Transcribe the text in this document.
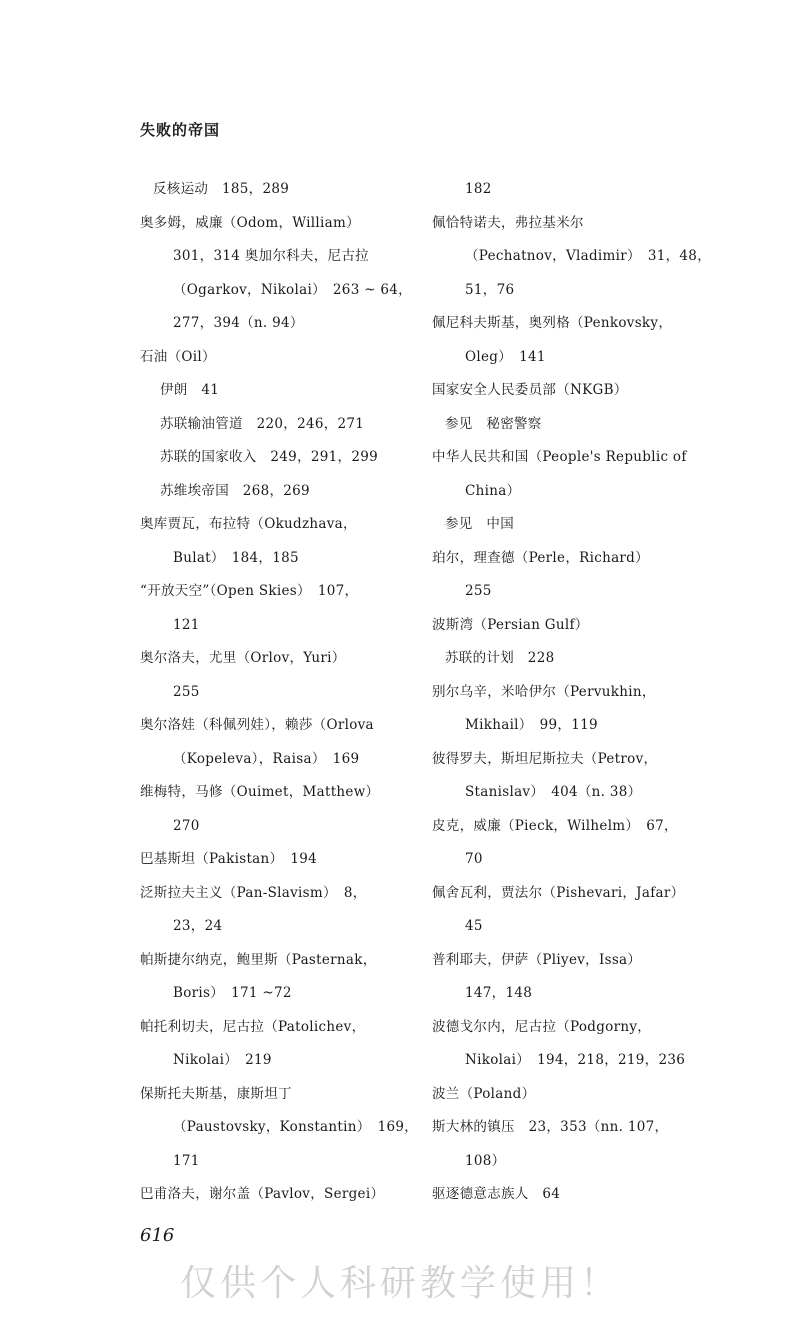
失败的帝国
反核运动　185，289
奥多姆，威廉（Odom，William）
301，314 奥加尔科夫，尼古拉
（Ogarkov，Nikolai）　263 ~ 64，
277，394（n. 94）
石油（Oil）
伊朗　41
苏联输油管道　220，246，271
苏联的国家收入　249，291，299
苏维埃帝国　268，269
奥库贾瓦，布拉特（Okudzhava，
Bulat）　184，185
“开放天空”（Open Skies）　107，
121
奥尔洛夫，尤里（Orlov，Yuri）
255
奥尔洛娃（科佩列娃），赖莎（Orlova
（Kopeleva），Raisa）　169
维梅特，马修（Ouimet，Matthew）
270
巴基斯坦（Pakistan）　194
泛斯拉夫主义（Pan-Slavism）　8，
23，24
帕斯捷尔纳克，鲍里斯（Pasternak，
Boris）　171 ~72
帕托利切夫，尼古拉（Patolichev，
Nikolai）　219
保斯托夫斯基，康斯坦丁
（Paustovsky，Konstantin）　169，
171
巴甫洛夫，谢尔盖（Pavlov，Sergei）
182
佩恰特诺夫，弗拉基米尔
（Pechatnov，Vladimir）　31，48，
51，76
佩尼科夫斯基，奥列格（Penkovsky，
Oleg）　141
国家安全人民委员部（NKGB）
参见　秘密警察
中华人民共和国（People's Republic of
China）
参见　中国
珀尔，理查德（Perle，Richard）
255
波斯湾（Persian Gulf）
苏联的计划　228
别尔乌辛，米哈伊尔（Pervukhin，
Mikhail）　99，119
彼得罗夫，斯坦尼斯拉夫（Petrov，
Stanislav）　404（n. 38）
皮克，威廉（Pieck，Wilhelm）　67，
70
佩舍瓦利，贾法尔（Pishevari，Jafar）
45
普利耶夫，伊萨（Pliyev，Issa）
147，148
波德戈尔内，尼古拉（Podgorny，
Nikolai）　194，218，219，236
波兰（Poland）
斯大林的镇压　23，353（nn. 107，
108）
驱逐德意志族人　64
616
仅供个人科研教学使用！
